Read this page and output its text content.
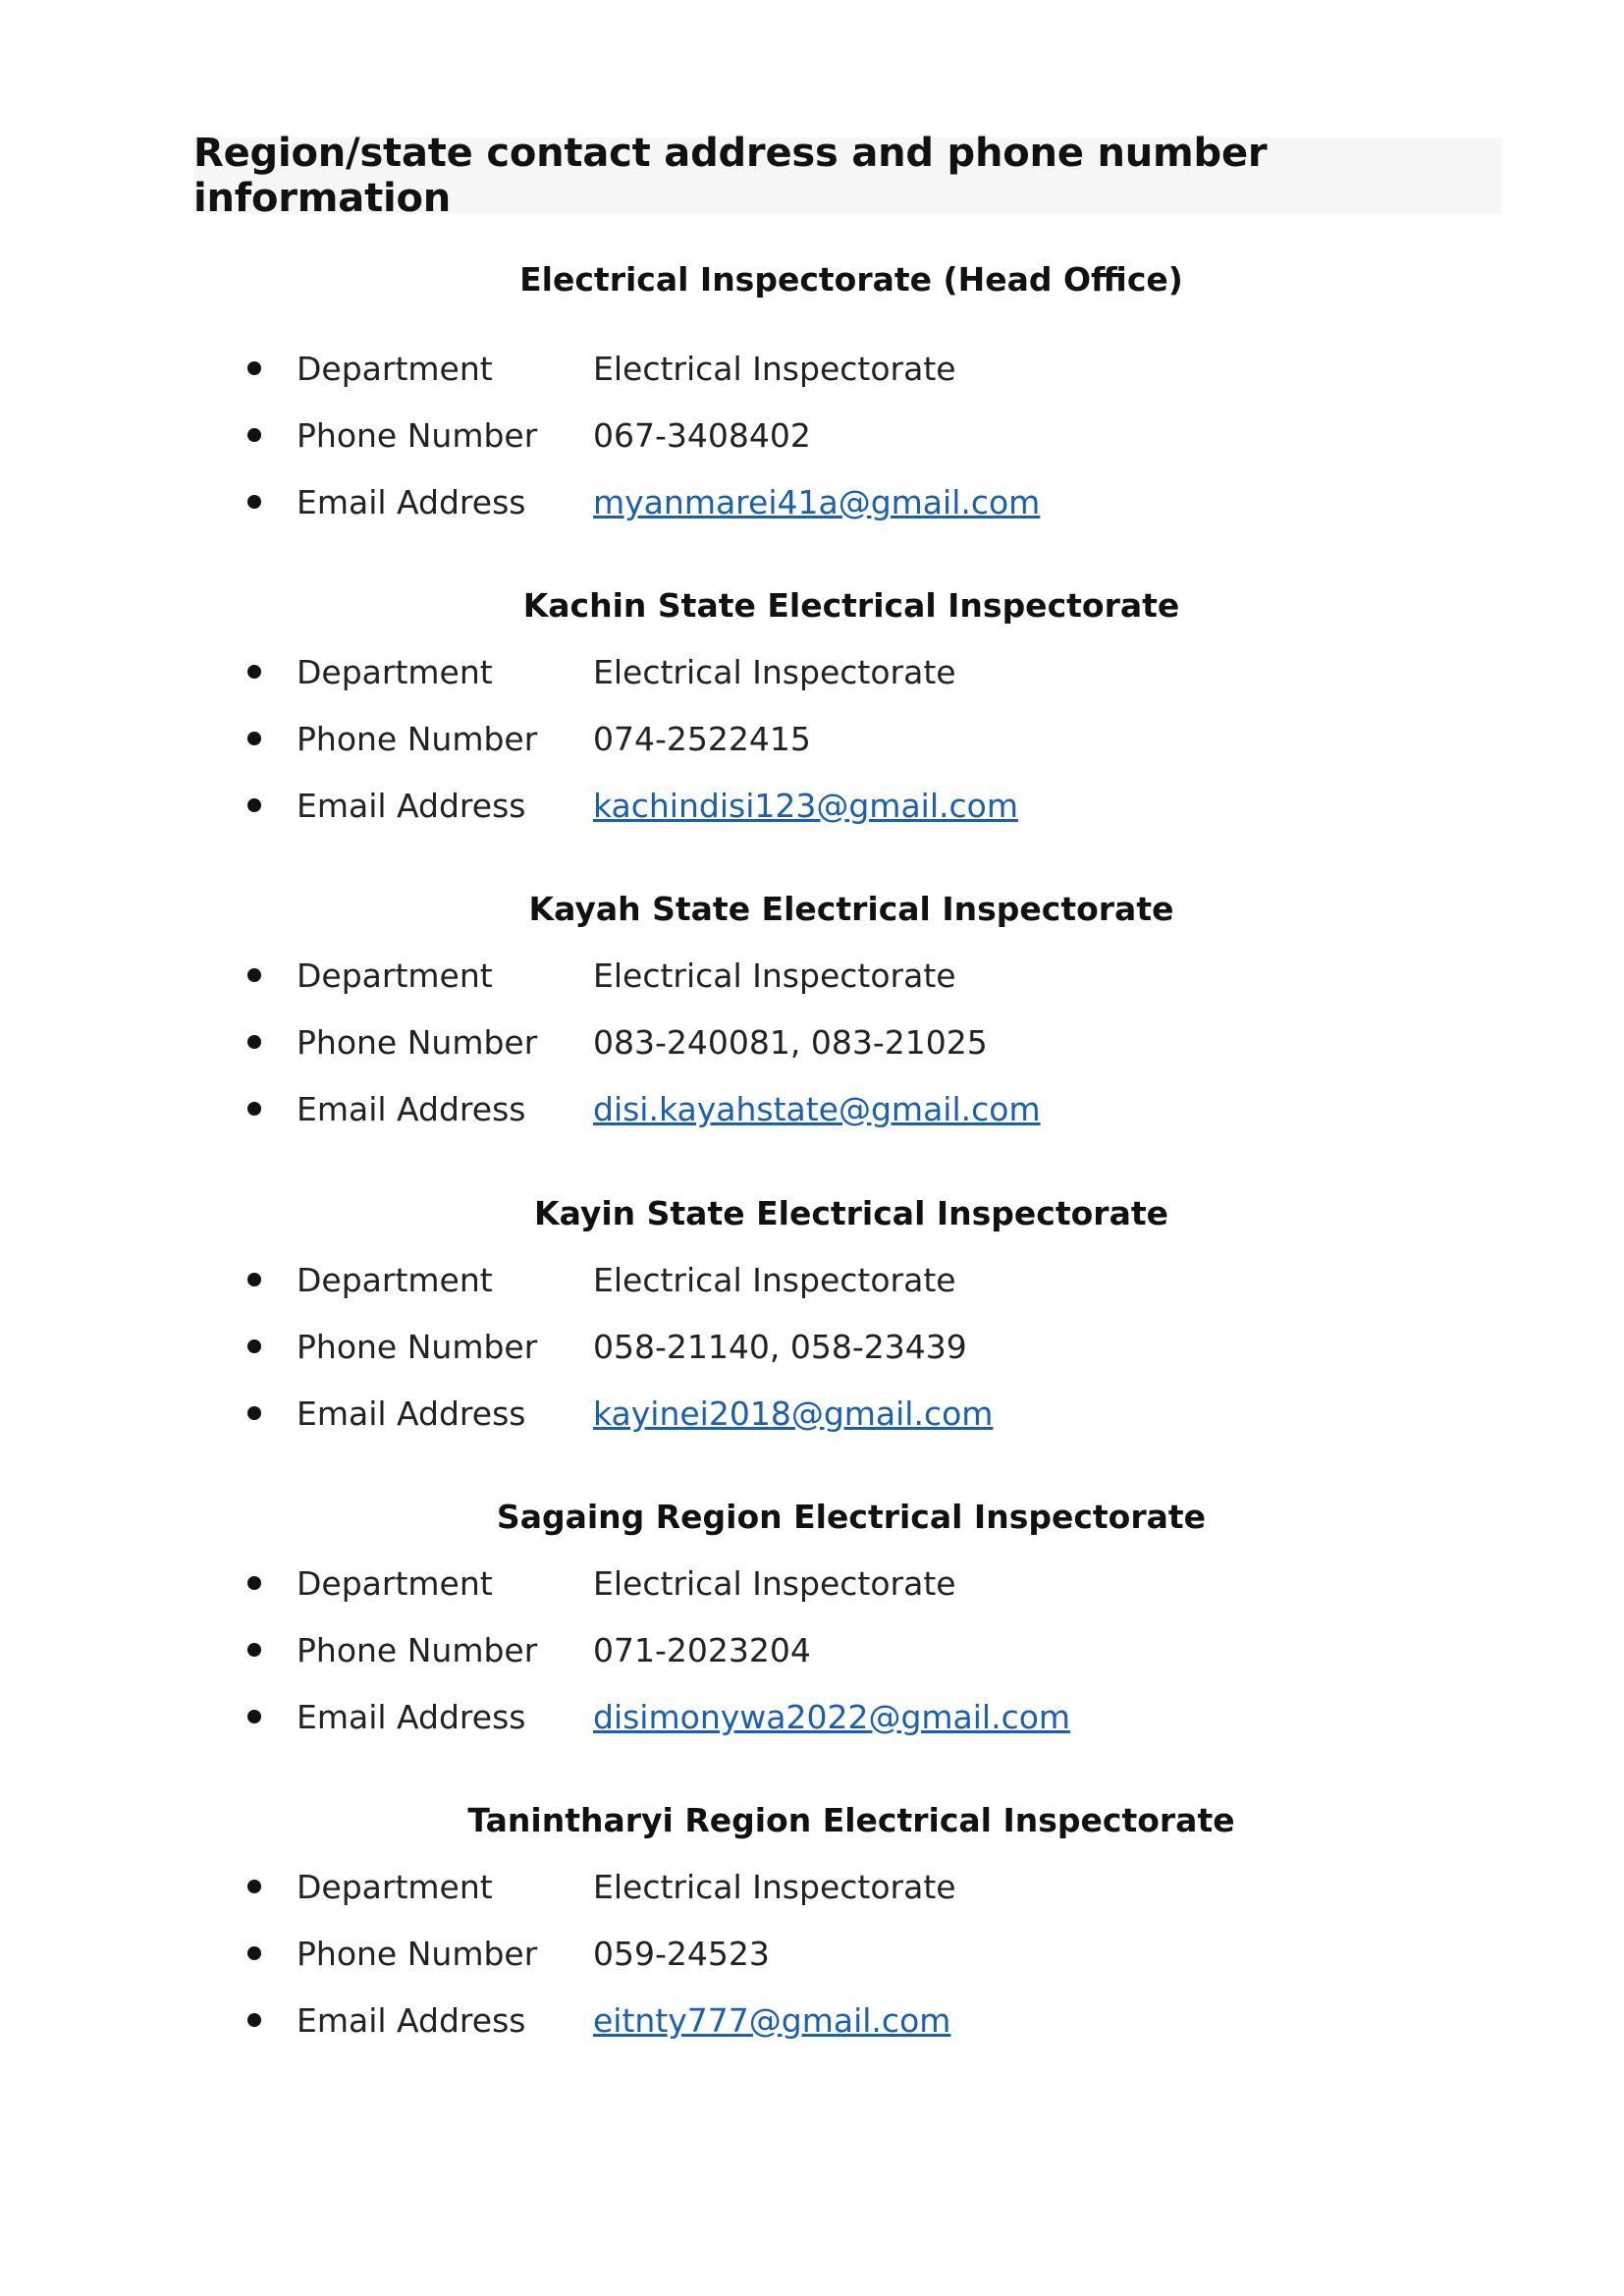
Region/state contact address and phone number information
Electrical Inspectorate (Head Office)
Department	Electrical Inspectorate
Phone Number 067-3408402
Email Address myanmarei41a@gmail.com
Kachin State Electrical Inspectorate
Department	Electrical Inspectorate
Phone Number 074-2522415
Email Address kachindisi123@gmail.com
Kayah State Electrical Inspectorate
Department	Electrical Inspectorate
Phone Number 083-240081, 083-21025
Email Address disi.kayahstate@gmail.com
Kayin State Electrical Inspectorate
Department	Electrical Inspectorate
Phone Number 058-21140, 058-23439
Email Address kayinei2018@gmail.com
Sagaing Region Electrical Inspectorate
Department	Electrical Inspectorate
Phone Number 071-2023204
Email Address disimonywa2022@gmail.com
Tanintharyi Region Electrical Inspectorate
Department	Electrical Inspectorate
Phone Number 059-24523
Email Address eitnty777@gmail.com
